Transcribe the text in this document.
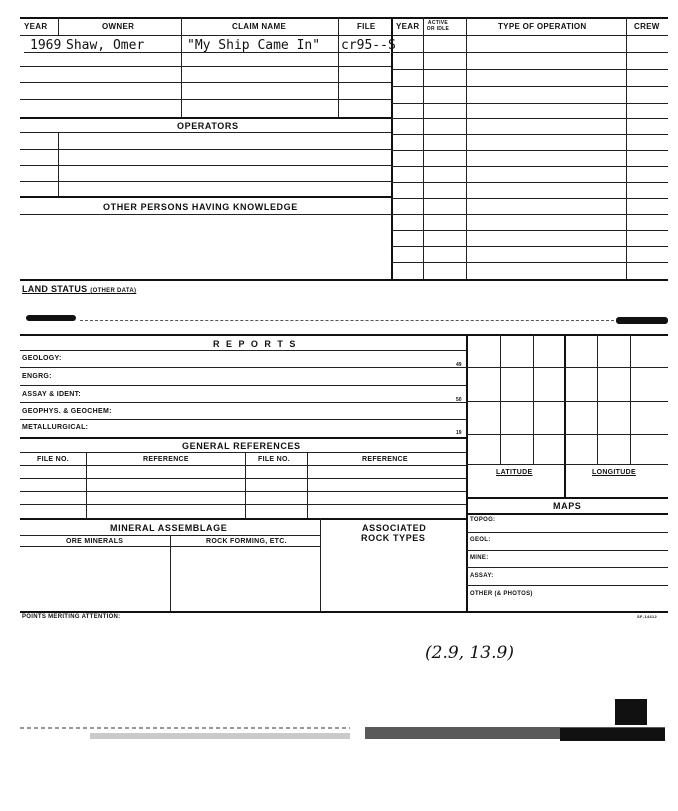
YEAR	OWNER	CLAIM NAME	FILE	YEAR	ACTIVE OR IDLE	TYPE OF OPERATION	CREW
1969 Shaw, Omer	"My Ship Came In" cr95--S
OPERATORS
OTHER PERSONS HAVING KNOWLEDGE
LAND STATUS (OTHER DATA)
R E P O R T S
GEOLOGY:
ENGRG:
ASSAY & IDENT:
GEOPHYS. & GEOCHEM:
METALLURGICAL:
49
50
19
GENERAL REFERENCES
FILE NO.	REFERENCE	FILE NO.	REFERENCE
MINERAL ASSEMBLAGE	ASSOCIATED
ROCK TYPES
ORE MINERALS	ROCK FORMING, ETC.
LATITUDE	LONGITUDE
MAPS
TOPOG:
GEOL:
MINE:
ASSAY:
OTHER (& PHOTOS)
POINTS MERITING ATTENTION:	SF-14412
(2.9, 13.9)
